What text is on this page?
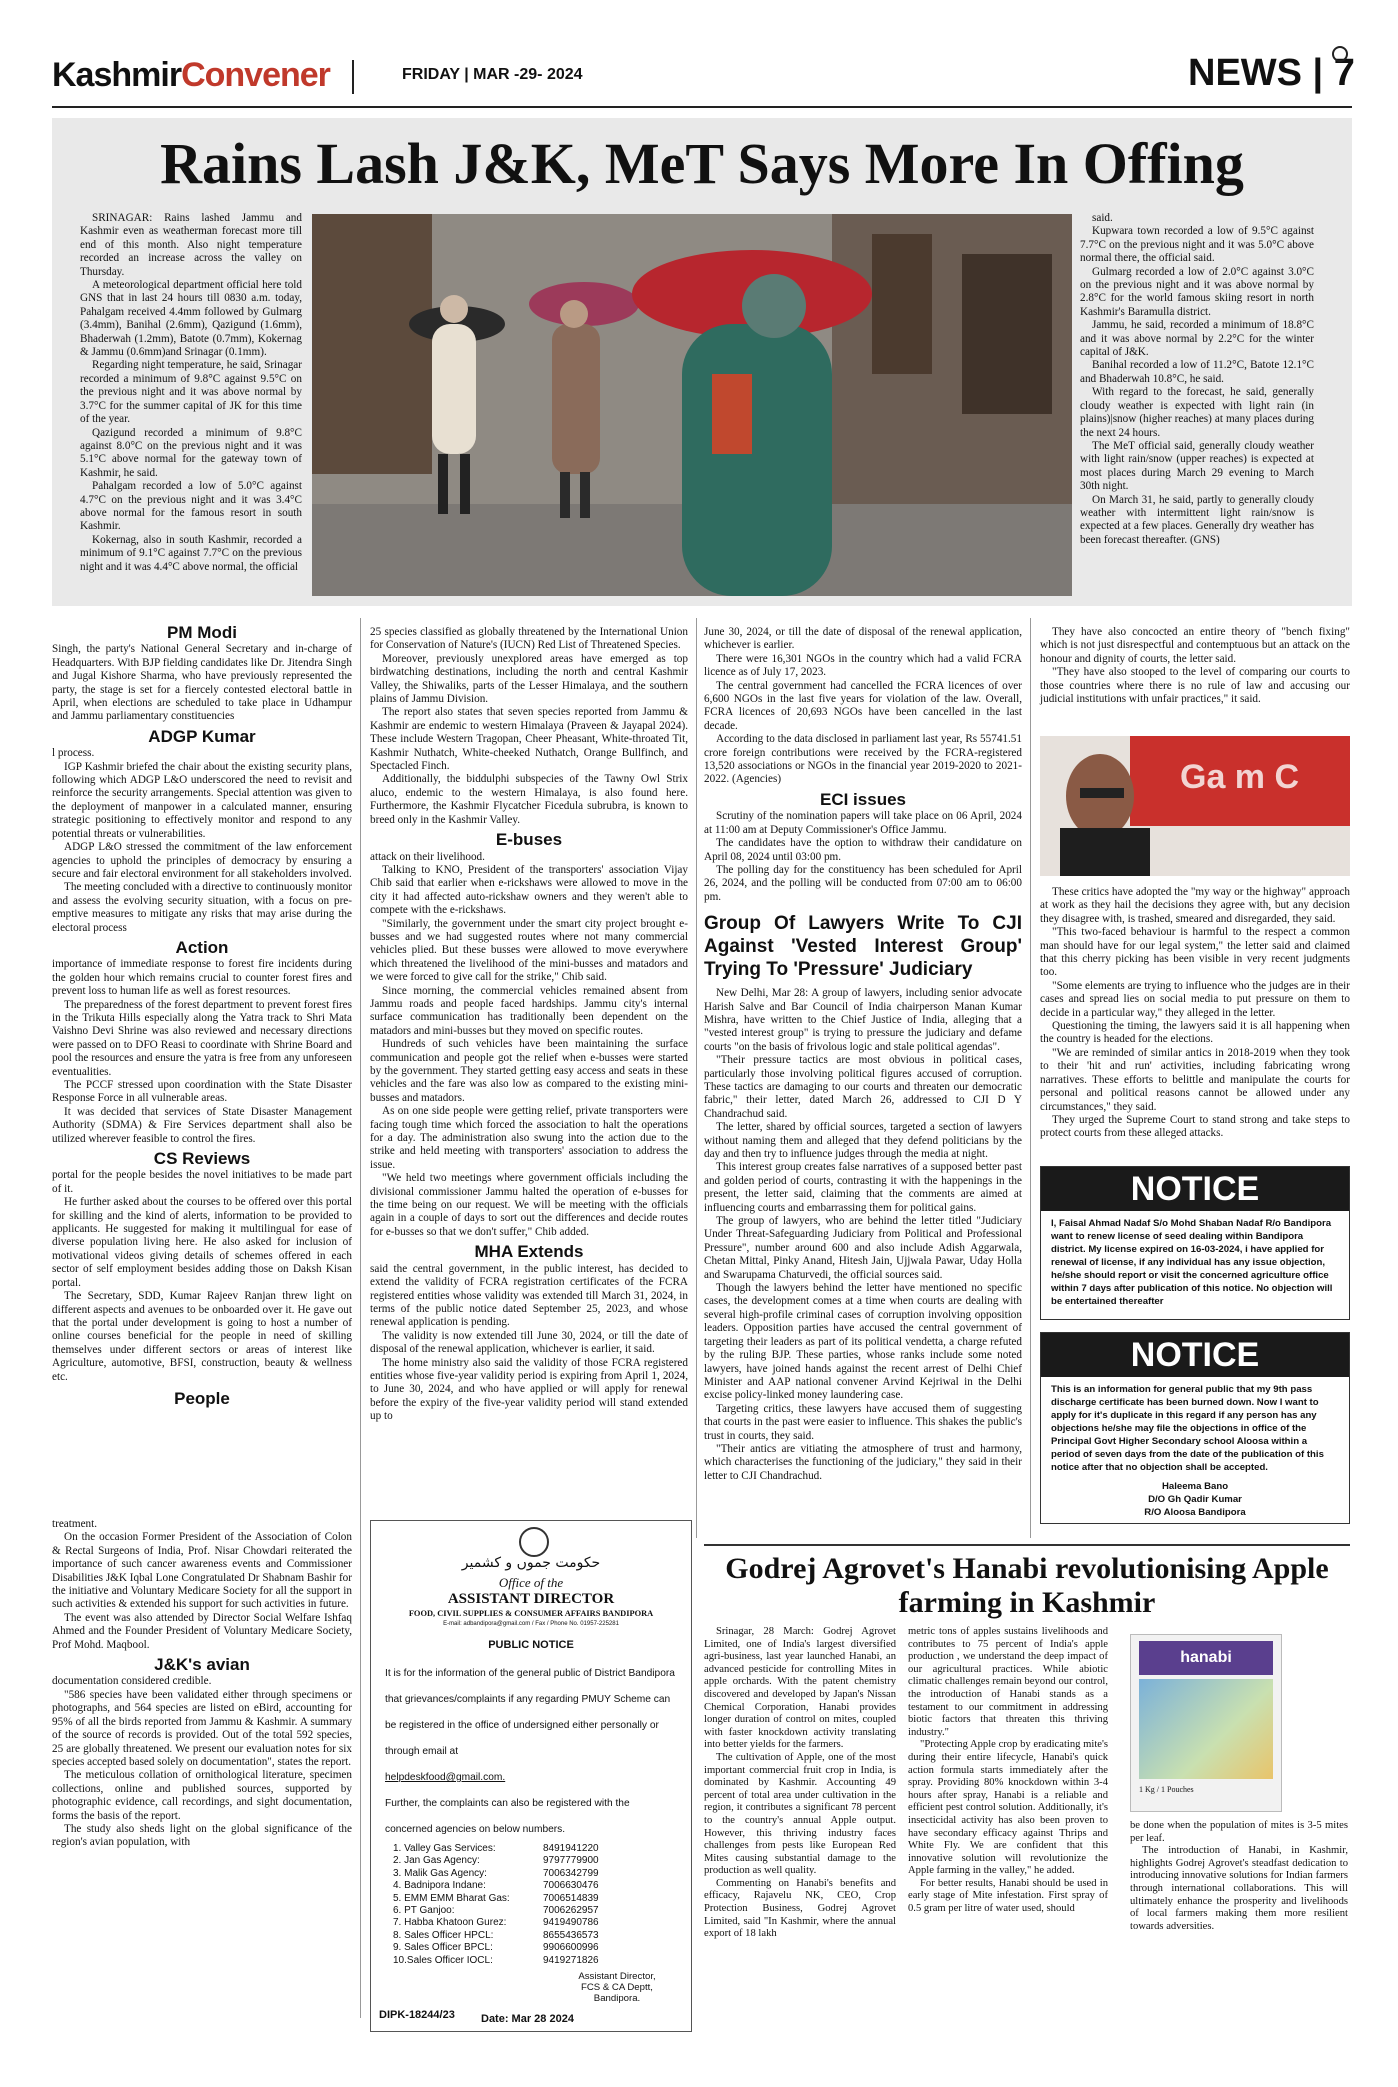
KashmirConvener	FRIDAY | MAR -29- 2024	NEWS | 7
Rains Lash J&K, MeT Says More In Offing

SRINAGAR: Rains lashed Jammu and Kashmir even as weatherman forecast more till end of this month. Also night temperature recorded an increase across the valley on Thursday.

A meteorological department official here told GNS that in last 24 hours till 0830 a.m. today, Pahalgam received 4.4mm followed by Gulmarg (3.4mm), Banihal (2.6mm), Qazigund (1.6mm), Bhaderwah (1.2mm), Batote (0.7mm), Kokernag & Jammu (0.6mm)and Srinagar (0.1mm).

Regarding night temperature, he said, Srinagar recorded a minimum of 9.8°C against 9.5°C on the previous night and it was above normal by 3.7°C for the summer capital of JK for this time of the year.

Qazigund recorded a minimum of 9.8°C against 8.0°C on the previous night and it was 5.1°C above normal for the gateway town of Kashmir, he said.

Pahalgam recorded a low of 5.0°C against 4.7°C on the previous night and it was 3.4°C above normal for the famous resort in south Kashmir.

Kokernag, also in south Kashmir, recorded a minimum of 9.1°C against 7.7°C on the previous night and it was 4.4°C above normal, the official

said.

Kupwara town recorded a low of 9.5°C against 7.7°C on the previous night and it was 5.0°C above normal there, the official said.

Gulmarg recorded a low of 2.0°C against 3.0°C on the previous night and it was above normal by 2.8°C for the world famous skiing resort in north Kashmir's Baramulla district.

Jammu, he said, recorded a minimum of 18.8°C and it was above normal by 2.2°C for the winter capital of J&K.

Banihal recorded a low of 11.2°C, Batote 12.1°C and Bhaderwah 10.8°C, he said.

With regard to the forecast, he said, generally cloudy weather is expected with light rain (in plains)|snow (higher reaches) at many places during the next 24 hours.

The MeT official said, generally cloudy weather with light rain/snow (upper reaches) is expected at most places during March 29 evening to March 30th night.

On March 31, he said, partly to generally cloudy weather with intermittent light rain/snow is expected at a few places. Generally dry weather has been forecast thereafter. (GNS)

PM Modi

Singh, the party's National General Secretary and in-charge of Headquarters. With BJP fielding candidates like Dr. Jitendra Singh and Jugal Kishore Sharma, who have previously represented the party, the stage is set for a fiercely contested electoral battle in April, when elections are scheduled to take place in Udhampur and Jammu parliamentary constituencies

ADGP Kumar

l process.

IGP Kashmir briefed the chair about the existing security plans, following which ADGP L&O underscored the need to revisit and reinforce the security arrangements. Special attention was given to the deployment of manpower in a calculated manner, ensuring strategic positioning to effectively monitor and respond to any potential threats or vulnerabilities.

ADGP L&O stressed the commitment of the law enforcement agencies to uphold the principles of democracy by ensuring a secure and fair electoral environment for all stakeholders involved.

The meeting concluded with a directive to continuously monitor and assess the evolving security situation, with a focus on pre-emptive measures to mitigate any risks that may arise during the electoral process

Action

importance of immediate response to forest fire incidents during the golden hour which remains crucial to counter forest fires and prevent loss to human life as well as forest resources.

The preparedness of the forest department to prevent forest fires in the Trikuta Hills especially along the Yatra track to Shri Mata Vaishno Devi Shrine was also reviewed and necessary directions were passed on to DFO Reasi to coordinate with Shrine Board and pool the resources and ensure the yatra is free from any unforeseen eventualities.

The PCCF stressed upon coordination with the State Disaster Response Force in all vulnerable areas.

It was decided that services of State Disaster Management Authority (SDMA) & Fire Services department shall also be utilized wherever feasible to control the fires.

CS Reviews

portal for the people besides the novel initiatives to be made part of it.

He further asked about the courses to be offered over this portal for skilling and the kind of alerts, information to be provided to applicants. He suggested for making it multilingual for ease of diverse population living here. He also asked for inclusion of motivational videos giving details of schemes offered in each sector of self employment besides adding those on Daksh Kisan portal.

The Secretary, SDD, Kumar Rajeev Ranjan threw light on different aspects and avenues to be onboarded over it. He gave out that the portal under development is going to host a number of online courses beneficial for the people in need of skilling themselves under different sectors or areas of interest like Agriculture, automotive, BFSI, construction, beauty & wellness etc.

People

treatment.

On the occasion Former President of the Association of Colon & Rectal Surgeons of India, Prof. Nisar Chowdari reiterated the importance of such cancer awareness events and Commissioner Disabilities J&K Iqbal Lone Congratulated Dr Shabnam Bashir for the initiative and Voluntary Medicare Society for all the support in such activities & extended his support for such activities in future.

The event was also attended by Director Social Welfare Ishfaq Ahmed and the Founder President of Voluntary Medicare Society, Prof Mohd. Maqbool.

J&K's avian

documentation considered credible.

"586 species have been validated either through specimens or photographs, and 564 species are listed on eBird, accounting for 95% of all the birds reported from Jammu & Kashmir. A summary of the source of records is provided. Out of the total 592 species, 25 are globally threatened. We present our evaluation notes for six species accepted based solely on documentation", states the report.

The meticulous collation of ornithological literature, specimen collections, online and published sources, supported by photographic evidence, call recordings, and sight documentation, forms the basis of the report.

The study also sheds light on the global significance of the region's avian population, with

25 species classified as globally threatened by the International Union for Conservation of Nature's (IUCN) Red List of Threatened Species.

Moreover, previously unexplored areas have emerged as top birdwatching destinations, including the north and central Kashmir Valley, the Shiwaliks, parts of the Lesser Himalaya, and the southern plains of Jammu Division.

The report also states that seven species reported from Jammu & Kashmir are endemic to western Himalaya (Praveen & Jayapal 2024). These include Western Tragopan, Cheer Pheasant, White-throated Tit, Kashmir Nuthatch, White-cheeked Nuthatch, Orange Bullfinch, and Spectacled Finch.

Additionally, the biddulphi subspecies of the Tawny Owl Strix aluco, endemic to the western Himalaya, is also found here. Furthermore, the Kashmir Flycatcher Ficedula subrubra, is known to breed only in the Kashmir Valley.

E-buses

attack on their livelihood.

Talking to KNO, President of the transporters' association Vijay Chib said that earlier when e-rickshaws were allowed to move in the city it had affected auto-rickshaw owners and they weren't able to compete with the e-rickshaws.

"Similarly, the government under the smart city project brought e-busses and we had suggested routes where not many commercial vehicles plied. But these busses were allowed to move everywhere which threatened the livelihood of the mini-busses and matadors and we were forced to give call for the strike," Chib said.

Since morning, the commercial vehicles remained absent from Jammu roads and people faced hardships. Jammu city's internal surface communication has traditionally been dependent on the matadors and mini-busses but they moved on specific routes.

Hundreds of such vehicles have been maintaining the surface communication and people got the relief when e-busses were started by the government. They started getting easy access and seats in these vehicles and the fare was also low as compared to the existing mini-busses and matadors.

As on one side people were getting relief, private transporters were facing tough time which forced the association to halt the operations for a day. The administration also swung into the action due to the strike and held meeting with transporters' association to address the issue.

"We held two meetings where government officials including the divisional commissioner Jammu halted the operation of e-busses for the time being on our request. We will be meeting with the officials again in a couple of days to sort out the differences and decide routes for e-busses so that we don't suffer," Chib added.

MHA Extends

said the central government, in the public interest, has decided to extend the validity of FCRA registration certificates of the FCRA registered entities whose validity was extended till March 31, 2024, in terms of the public notice dated September 25, 2023, and whose renewal application is pending.

The validity is now extended till June 30, 2024, or till the date of disposal of the renewal application, whichever is earlier, it said.

The home ministry also said the validity of those FCRA registered entities whose five-year validity period is expiring from April 1, 2024, to June 30, 2024, and who have applied or will apply for renewal before the expiry of the five-year validity period will stand extended up to

June 30, 2024, or till the date of disposal of the renewal application, whichever is earlier.

There were 16,301 NGOs in the country which had a valid FCRA licence as of July 17, 2023.

The central government had cancelled the FCRA licences of over 6,600 NGOs in the last five years for violation of the law. Overall, FCRA licences of 20,693 NGOs have been cancelled in the last decade.

According to the data disclosed in parliament last year, Rs 55741.51 crore foreign contributions were received by the FCRA-registered 13,520 associations or NGOs in the financial year 2019-2020 to 2021-2022. (Agencies)

ECI issues

Scrutiny of the nomination papers will take place on 06 April, 2024 at 11:00 am at Deputy Commissioner's Office Jammu.

The candidates have the option to withdraw their candidature on April 08, 2024 until 03:00 pm.

The polling day for the constituency has been scheduled for April 26, 2024, and the polling will be conducted from 07:00 am to 06:00 pm.

Group Of Lawyers Write To CJI Against 'Vested Interest Group' Trying To 'Pressure' Judiciary

New Delhi, Mar 28: A group of lawyers, including senior advocate Harish Salve and Bar Council of India chairperson Manan Kumar Mishra, have written to the Chief Justice of India, alleging that a "vested interest group" is trying to pressure the judiciary and defame courts "on the basis of frivolous logic and stale political agendas".

"Their pressure tactics are most obvious in political cases, particularly those involving political figures accused of corruption. These tactics are damaging to our courts and threaten our democratic fabric," their letter, dated March 26, addressed to CJI D Y Chandrachud said.

The letter, shared by official sources, targeted a section of lawyers without naming them and alleged that they defend politicians by the day and then try to influence judges through the media at night.

This interest group creates false narratives of a supposed better past and golden period of courts, contrasting it with the happenings in the present, the letter said, claiming that the comments are aimed at influencing courts and embarrassing them for political gains.

The group of lawyers, who are behind the letter titled "Judiciary Under Threat-Safeguarding Judiciary from Political and Professional Pressure", number around 600 and also include Adish Aggarwala, Chetan Mittal, Pinky Anand, Hitesh Jain, Ujjwala Pawar, Uday Holla and Swarupama Chaturvedi, the official sources said.

Though the lawyers behind the letter have mentioned no specific cases, the development comes at a time when courts are dealing with several high-profile criminal cases of corruption involving opposition leaders. Opposition parties have accused the central government of targeting their leaders as part of its political vendetta, a charge refuted by the ruling BJP. These parties, whose ranks include some noted lawyers, have joined hands against the recent arrest of Delhi Chief Minister and AAP national convener Arvind Kejriwal in the Delhi excise policy-linked money laundering case.

Targeting critics, these lawyers have accused them of suggesting that courts in the past were easier to influence. This shakes the public's trust in courts, they said.

"Their antics are vitiating the atmosphere of trust and harmony, which characterises the functioning of the judiciary," they said in their letter to CJI Chandrachud.

They have also concocted an entire theory of "bench fixing" which is not just disrespectful and contemptuous but an attack on the honour and dignity of courts, the letter said.

"They have also stooped to the level of comparing our courts to those countries where there is no rule of law and accusing our judicial institutions with unfair practices," it said.

Ga m C

These critics have adopted the "my way or the highway" approach at work as they hail the decisions they agree with, but any decision they disagree with, is trashed, smeared and disregarded, they said.

"This two-faced behaviour is harmful to the respect a common man should have for our legal system," the letter said and claimed that this cherry picking has been visible in very recent judgments too.

"Some elements are trying to influence who the judges are in their cases and spread lies on social media to put pressure on them to decide in a particular way," they alleged in the letter.

Questioning the timing, the lawyers said it is all happening when the country is headed for the elections.

"We are reminded of similar antics in 2018-2019 when they took to their 'hit and run' activities, including fabricating wrong narratives. These efforts to belittle and manipulate the courts for personal and political reasons cannot be allowed under any circumstances," they said.

They urged the Supreme Court to stand strong and take steps to protect courts from these alleged attacks.

NOTICE
I, Faisal Ahmad Nadaf S/o Mohd Shaban Nadaf R/o Bandipora want to renew license of seed dealing within Bandipora district. My license expired on 16-03-2024, i have applied for renewal of license, if any individual has any issue objection, he/she should report or visit the concerned agriculture office within 7 days after publication of this notice. No objection will be entertained thereafter
NOTICE
This is an information for general public that my 9th pass discharge certificate has been burned down. Now I want to apply for it's duplicate in this regard if any person has any objections he/she may file the objections in office of the Principal Govt Higher Secondary school Aloosa within a period of seven days from the date of the publication of this notice after that no objection shall be accepted.
Haleema Bano
D/O Gh Qadir Kumar
R/O Aloosa Bandipora
حکومت جموں و کشمیر
Office of the
ASSISTANT DIRECTOR
FOOD, CIVIL SUPPLIES & CONSUMER AFFAIRS BANDIPORA
E-mail: adbandipora@gmail.com / Fax / Phone No. 01957-225281
PUBLIC NOTICE
It is for the information of the general public of District Bandipora that grievances/complaints if any regarding PMUY Scheme can be registered in the office of undersigned either personally or through email at
helpdeskfood@gmail.com.
Further, the complaints can also be registered with the concerned agencies on below numbers.
1. Valley Gas Services:	8491941220
2. Jan Gas Agency:	9797779900
3. Malik Gas Agency:	7006342799
4. Badnipora Indane:	7006630476
5. EMM EMM Bharat Gas:	7006514839
6. PT Ganjoo:	7006262957
7. Habba Khatoon Gurez:	9419490786
8. Sales Officer HPCL:	8655436573
9. Sales Officer BPCL:	9906600996
10.Sales Officer IOCL:	9419271826
Assistant Director,
FCS & CA Deptt,
Bandipora.
DIPK-18244/23 Date: Mar 28 2024
Godrej Agrovet's Hanabi revolutionising Apple farming in Kashmir

Srinagar, 28 March: Godrej Agrovet Limited, one of India's largest diversified agri-business, last year launched Hanabi, an advanced pesticide for controlling Mites in apple orchards. With the patent chemistry discovered and developed by Japan's Nissan Chemical Corporation, Hanabi provides longer duration of control on mites, coupled with faster knockdown activity translating into better yields for the farmers.

The cultivation of Apple, one of the most important commercial fruit crop in India, is dominated by Kashmir. Accounting 49 percent of total area under cultivation in the region, it contributes a significant 78 percent to the country's annual Apple output. However, this thriving industry faces challenges from pests like European Red Mites causing substantial damage to the production as well quality.

Commenting on Hanabi's benefits and efficacy, Rajavelu NK, CEO, Crop Protection Business, Godrej Agrovet Limited, said "In Kashmir, where the annual export of 18 lakh

metric tons of apples sustains livelihoods and contributes to 75 percent of India's apple production , we understand the deep impact of our agricultural practices. While abiotic climatic challenges remain beyond our control, the introduction of Hanabi stands as a testament to our commitment in addressing biotic factors that threaten this thriving industry."

"Protecting Apple crop by eradicating mite's during their entire lifecycle, Hanabi's quick action formula starts immediately after the spray. Providing 80% knockdown within 3-4 hours after spray, Hanabi is a reliable and efficient pest control solution. Additionally, it's insecticidal activity has also been proven to have secondary efficacy against Thrips and White Fly. We are confident that this innovative solution will revolutionize the Apple farming in the valley," he added.

For better results, Hanabi should be used in early stage of Mite infestation. First spray of 0.5 gram per litre of water used, should

hanabi
1 Kg / 1 Pouches

be done when the population of mites is 3-5 mites per leaf.

The introduction of Hanabi, in Kashmir, highlights Godrej Agrovet's steadfast dedication to introducing innovative solutions for Indian farmers through international collaborations. This will ultimately enhance the prosperity and livelihoods of local farmers making them more resilient towards adversities.
